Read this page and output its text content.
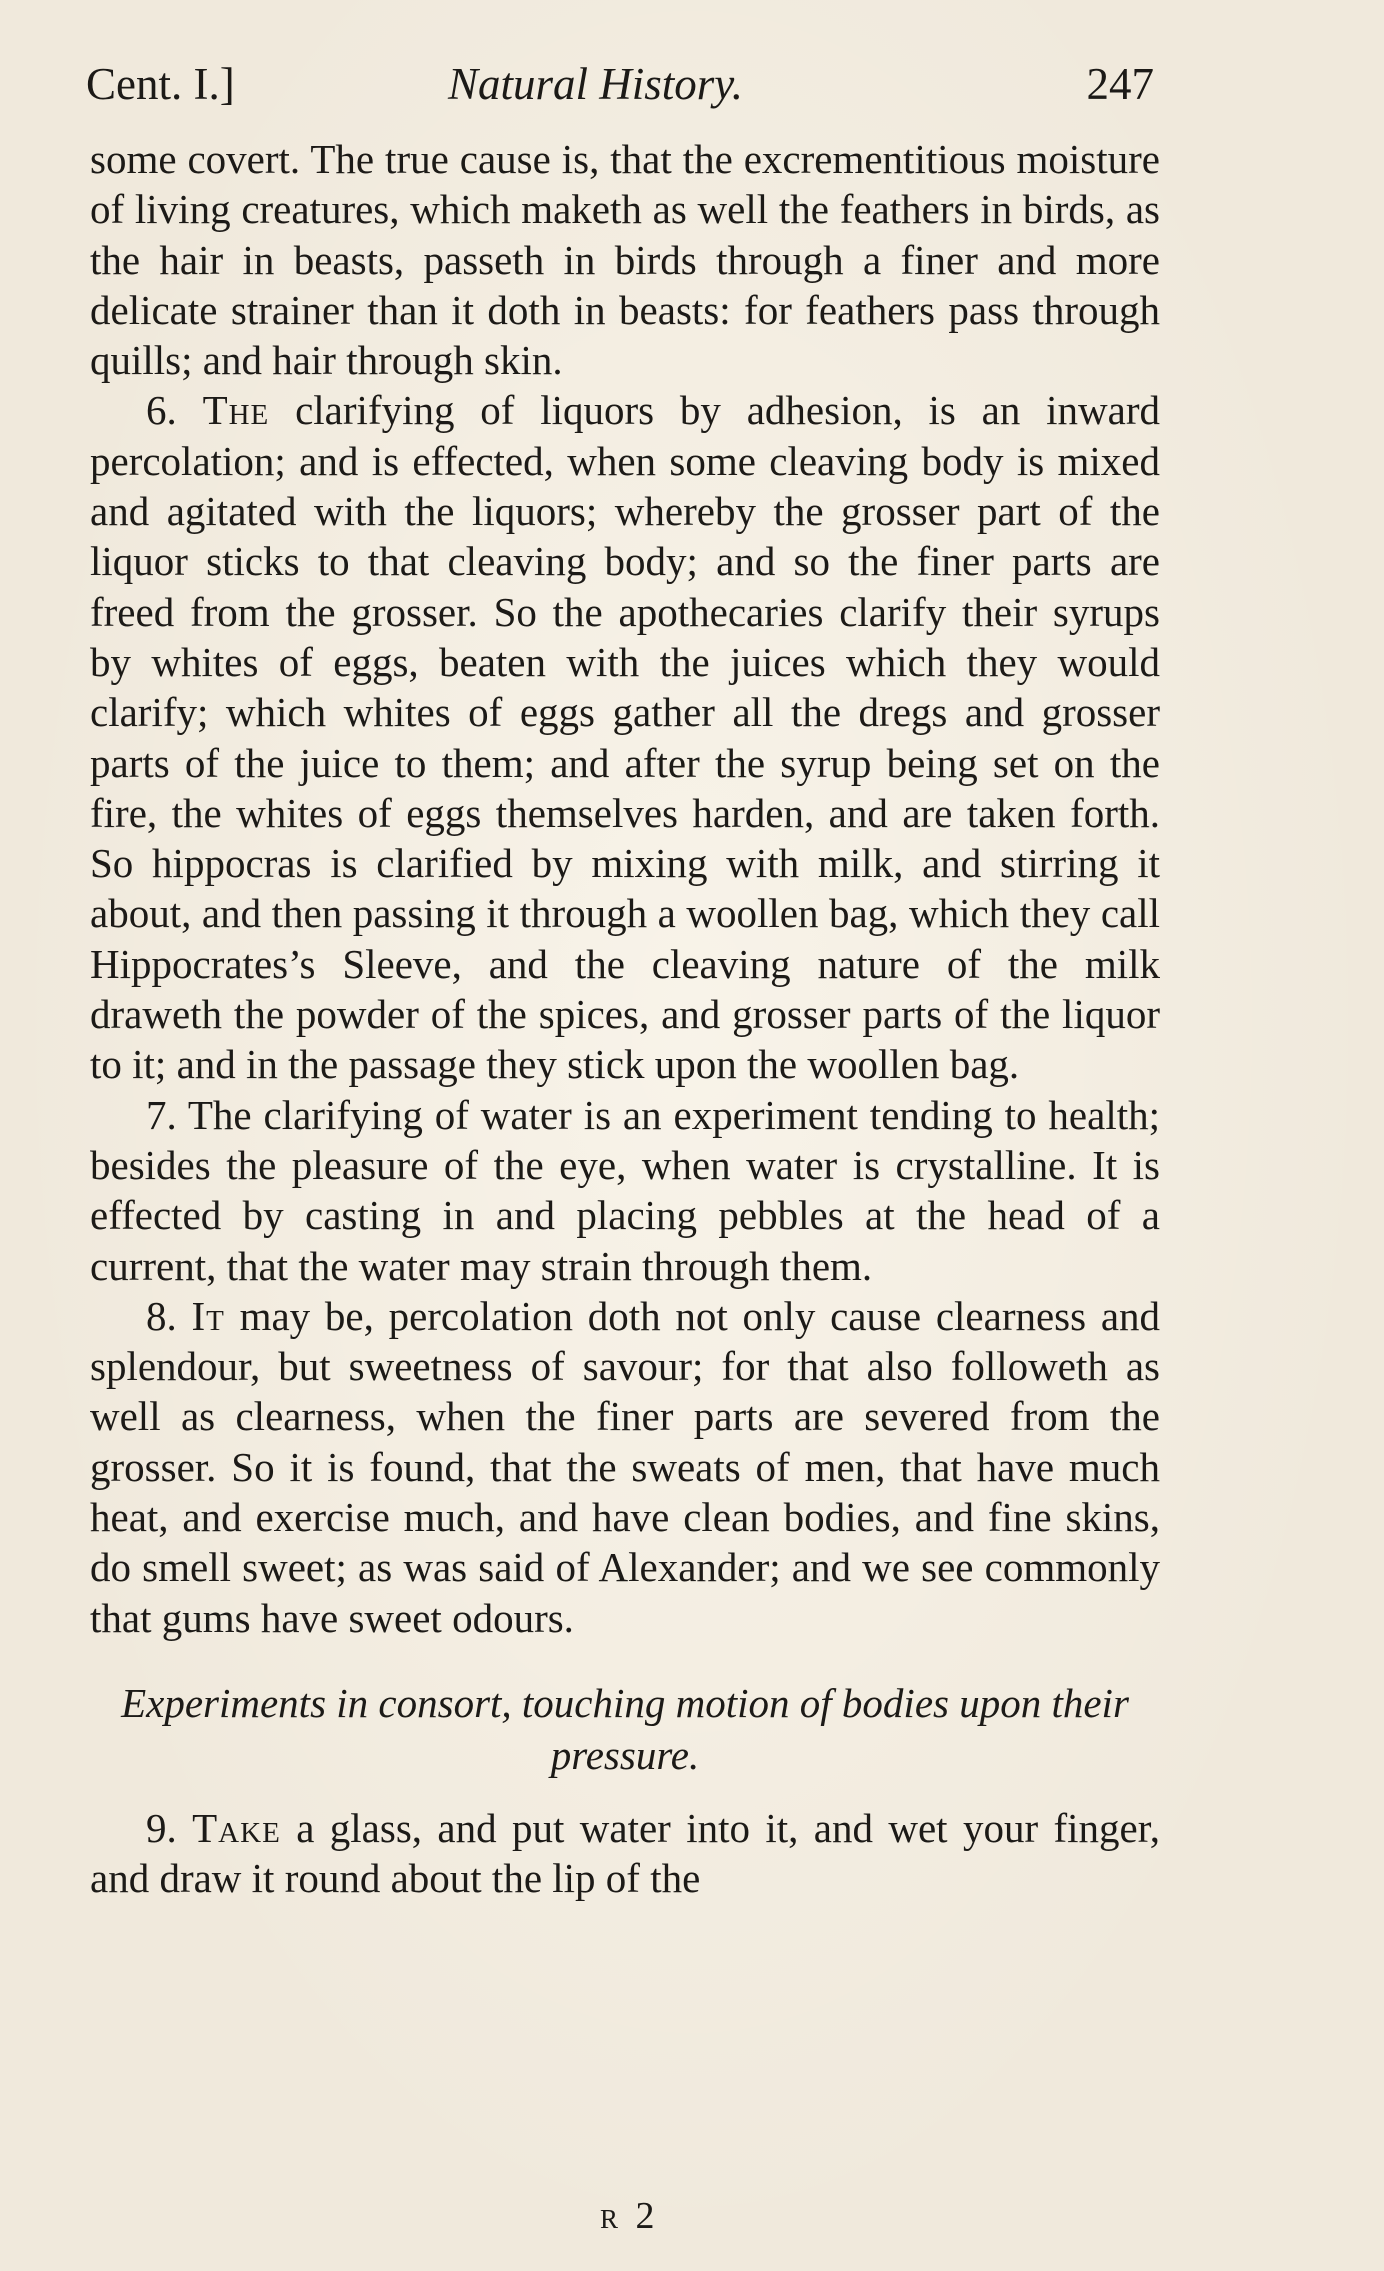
Cent. I.]	Natural History.	247

some covert. The true cause is, that the excrementitious moisture of living creatures, which maketh as well the feathers in birds, as the hair in beasts, passeth in birds through a finer and more delicate strainer than it doth in beasts: for feathers pass through quills; and hair through skin.

6. The clarifying of liquors by adhesion, is an inward percolation; and is effected, when some cleaving body is mixed and agitated with the liquors; whereby the grosser part of the liquor sticks to that cleaving body; and so the finer parts are freed from the grosser. So the apothecaries clarify their syrups by whites of eggs, beaten with the juices which they would clarify; which whites of eggs gather all the dregs and grosser parts of the juice to them; and after the syrup being set on the fire, the whites of eggs themselves harden, and are taken forth. So hippocras is clarified by mixing with milk, and stirring it about, and then passing it through a woollen bag, which they call Hippocrates’s Sleeve, and the cleaving nature of the milk draweth the powder of the spices, and grosser parts of the liquor to it; and in the passage they stick upon the woollen bag.

7. The clarifying of water is an experiment tending to health; besides the pleasure of the eye, when water is crystalline. It is effected by casting in and placing pebbles at the head of a current, that the water may strain through them.

8. It may be, percolation doth not only cause clearness and splendour, but sweetness of savour; for that also followeth as well as clearness, when the finer parts are severed from the grosser. So it is found, that the sweats of men, that have much heat, and exercise much, and have clean bodies, and fine skins, do smell sweet; as was said of Alexander; and we see commonly that gums have sweet odours.

Experiments in consort, touching motion of bodies upon their pressure.

9. Take a glass, and put water into it, and wet your finger, and draw it round about the lip of the

r 2
